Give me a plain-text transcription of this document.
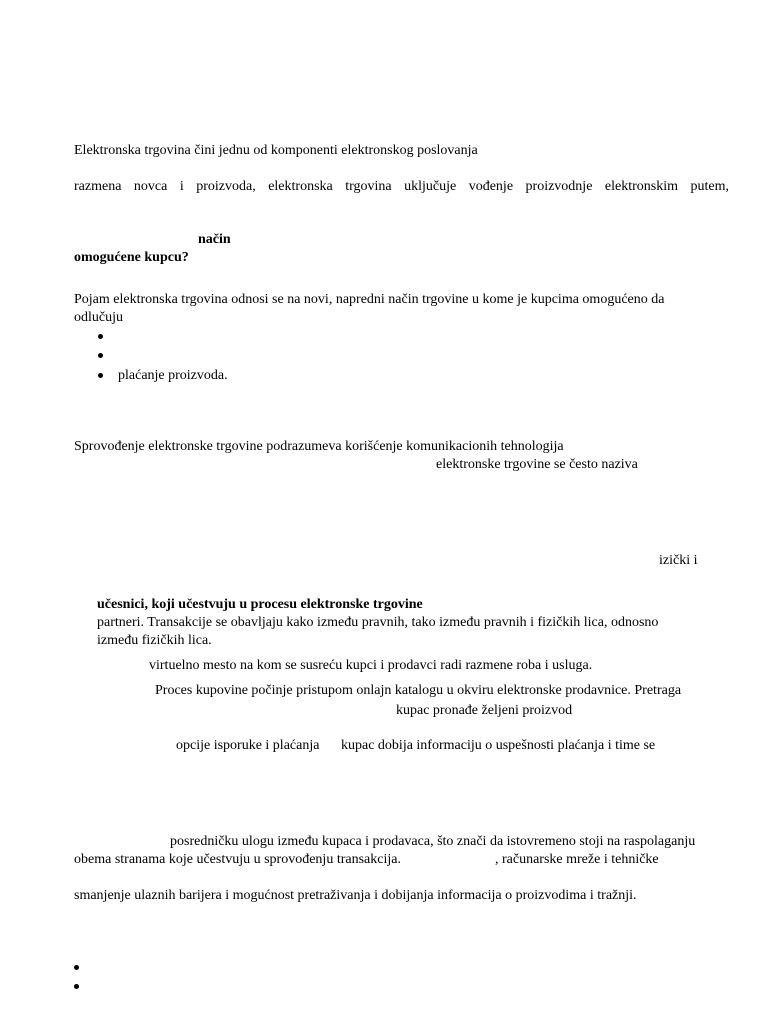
Elektronska trgovina čini jednu od komponenti elektronskog poslovanja
razmena novca i proizvoda, elektronska trgovina uključuje vođenje proizvodnje elektronskim putem,
način
omogućene kupcu?
Pojam elektronska trgovina odnosi se na novi, napredni način trgovine u kome je kupcima omogućeno da
odlučuju
plaćanje proizvoda.
Sprovođenje elektronske trgovine podrazumeva korišćenje komunikacionih tehnologija
elektronske trgovine se često naziva
izički i
učesnici, koji učestvuju u procesu elektronske trgovine
partneri. Transakcije se obavljaju kako između pravnih, tako između pravnih i fizičkih lica, odnosno
između fizičkih lica.
virtuelno mesto na kom se susreću kupci i prodavci radi razmene roba i usluga.
Proces kupovine počinje pristupom onlajn katalogu u okviru elektronske prodavnice. Pretraga
kupac pronađe željeni proizvod
opcije isporuke i plaćanja kupac dobija informaciju o uspešnosti plaćanja i time se
posredničku ulogu između kupaca i prodavaca, što znači da istovremeno stoji na raspolaganju
obema stranama koje učestvuju u sprovođenju transakcija.	, računarske mreže i tehničke
smanjenje ulaznih barijera i mogućnost pretraživanja i dobijanja informacija o proizvodima i tražnji.
